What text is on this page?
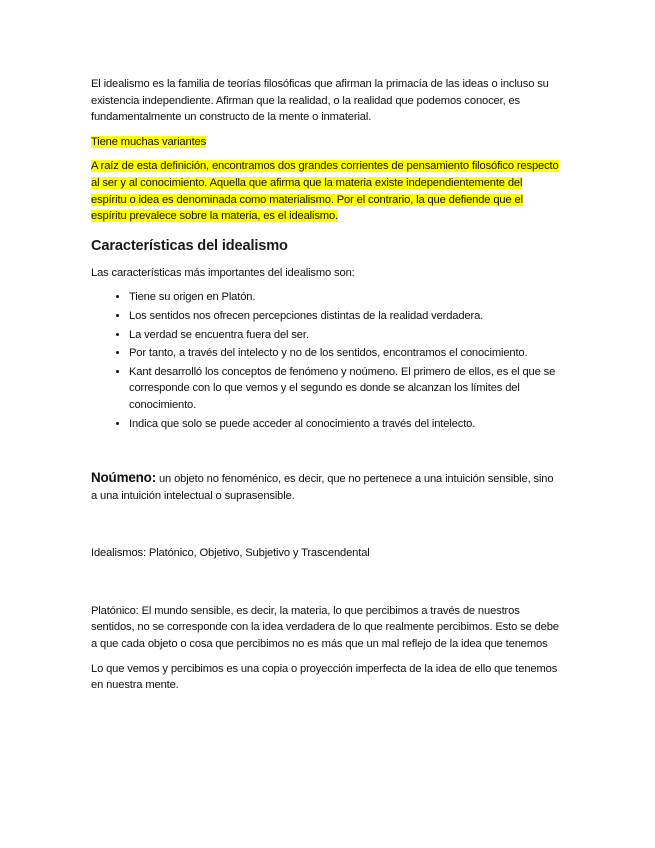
El idealismo es la familia de teorías filosóficas que afirman la primacía de las ideas o incluso su existencia independiente. Afirman que la realidad, o la realidad que podemos conocer, es fundamentalmente un constructo de la mente o inmaterial.

Tiene muchas variantes

A raíz de esta definición, encontramos dos grandes corrientes de pensamiento filosófico respecto al ser y al conocimiento. Aquella que afirma que la materia existe independientemente del espíritu o idea es denominada como materialismo. Por el contrario, la que defiende que el espíritu prevalece sobre la materia, es el idealismo.

Características del idealismo

Las características más importantes del idealismo son:

• Tiene su origen en Platón.
• Los sentidos nos ofrecen percepciones distintas de la realidad verdadera.
• La verdad se encuentra fuera del ser.
• Por tanto, a través del intelecto y no de los sentidos, encontramos el conocimiento.
• Kant desarrolló los conceptos de fenómeno y noúmeno. El primero de ellos, es el que se corresponde con lo que vemos y el segundo es donde se alcanzan los límites del conocimiento.
• Indica que solo se puede acceder al conocimiento a través del intelecto.

Noúmeno: un objeto no fenoménico, es decir, que no pertenece a una intuición sensible, sino a una intuición intelectual o suprasensible.

Idealismos: Platónico, Objetivo, Subjetivo y Trascendental

Platónico: El mundo sensible, es decir, la materia, lo que percibimos a través de nuestros sentidos, no se corresponde con la idea verdadera de lo que realmente percibimos. Esto se debe a que cada objeto o cosa que percibimos no es más que un mal reflejo de la idea que tenemos

Lo que vemos y percibimos es una copia o proyección imperfecta de la idea de ello que tenemos en nuestra mente.
